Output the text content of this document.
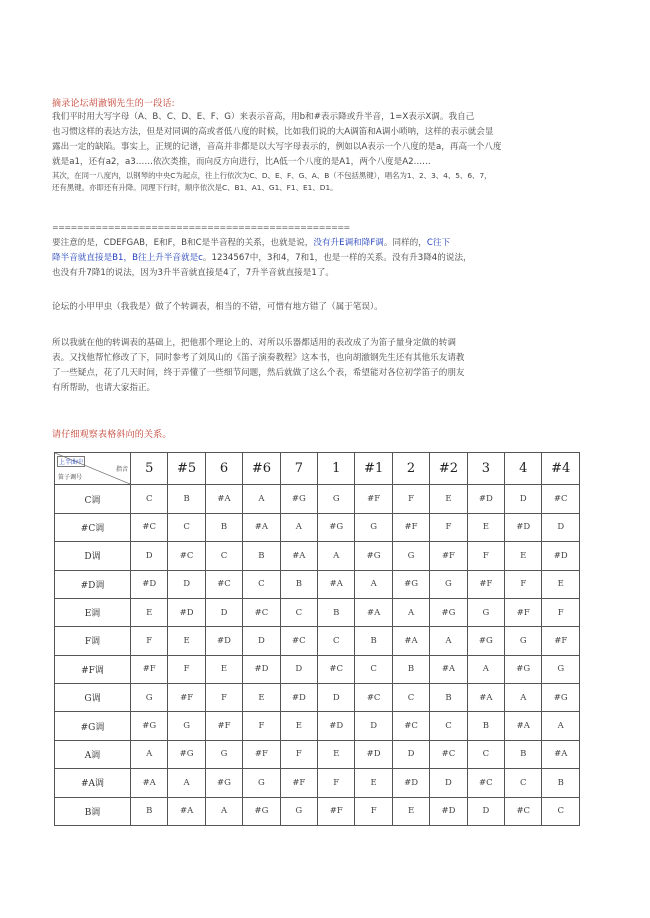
摘录论坛胡澈钢先生的一段话:

我们平时用大写字母（A、B、C、D、E、F、G）来表示音高，用b和#表示降或升半音，1=X表示X调。我自己

也习惯这样的表达方法，但是对同调的高或者低八度的时候，比如我们说的大A调笛和A调小唢呐，这样的表示就会显

露出一定的缺陷。事实上，正规的记谱，音高并非都是以大写字母表示的，例如以A表示一个八度的是a，再高一个八度

就是a1，还有a2，a3……依次类推，而向反方向进行，比A低一个八度的是A1，两个八度是A2……

其次，在同一八度内，以钢琴的中央C为起点，往上行依次为C、D、E、F、G、A、B（不包括黑键），唱名为1、2、3、4、5、6、7，

还有黑键。亦即还有升降。同理下行时，顺序依次是C、B1、A1、G1、F1、E1、D1。

================================================

要注意的是，CDEFGAB，E和F，B和C是半音程的关系，也就是说，没有升E调和降F调。同样的，C往下

降半音就直接是B1，B往上升半音就是c。1234567中，3和4，7和1，也是一样的关系。没有升3降4的说法，

也没有升7降1的说法，因为3升半音就直接是4了，7升半音就直接是1了。

论坛的小甲甲虫（我我是）做了个转调表，相当的不错，可惜有地方错了（属于笔误）。

所以我就在他的转调表的基础上，把他那个理论上的、对所以乐器都适用的表改成了为笛子量身定做的转调

表。又找他帮忙修改了下，同时参考了刘凤山的《笛子演奏教程》这本书，也向胡澈钢先生还有其他乐友请教

了一些疑点，花了几天时间，终于弄懂了一些细节问题，然后就做了这么个表，希望能对各位初学笛子的朋友

有所帮助，也请大家指正。

请仔细观察表格斜向的关系。
上半曲中
指音
笛子调号	5	#5	6	#6	7	1	#1	2	#2	3	4	#4
C调	C	B	#A	A	#G	G	#F	F	E	#D	D	#C
#C调	#C	C	B	#A	A	#G	G	#F	F	E	#D	D
D调	D	#C	C	B	#A	A	#G	G	#F	F	E	#D
#D调	#D	D	#C	C	B	#A	A	#G	G	#F	F	E
E调	E	#D	D	#C	C	B	#A	A	#G	G	#F	F
F调	F	E	#D	D	#C	C	B	#A	A	#G	G	#F
#F调	#F	F	E	#D	D	#C	C	B	#A	A	#G	G
G调	G	#F	F	E	#D	D	#C	C	B	#A	A	#G
#G调	#G	G	#F	F	E	#D	D	#C	C	B	#A	A
A调	A	#G	G	#F	F	E	#D	D	#C	C	B	#A
#A调	#A	A	#G	G	#F	F	E	#D	D	#C	C	B
B调	B	#A	A	#G	G	#F	F	E	#D	D	#C	C
